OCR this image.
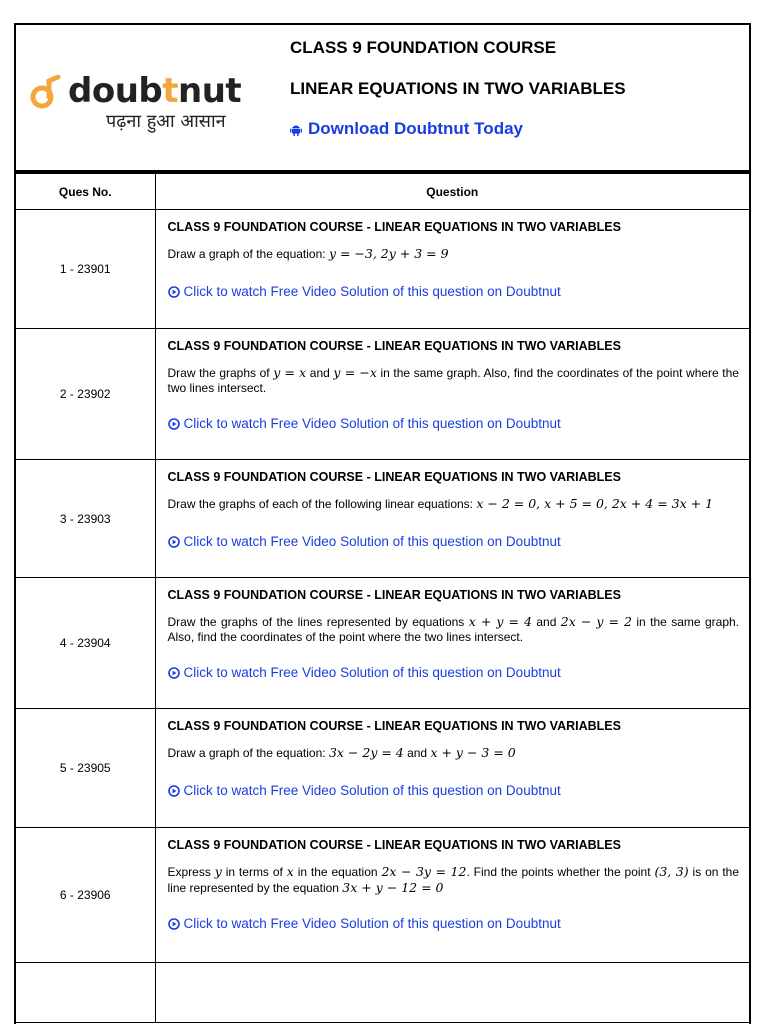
doubtnut
पढ़ना हुआ आसान
CLASS 9 FOUNDATION COURSE
LINEAR EQUATIONS IN TWO VARIABLES
Download Doubtnut Today
Ques No.	Question
1 - 23901	CLASS 9 FOUNDATION COURSE - LINEAR EQUATIONS IN TWO VARIABLES
Draw a graph of the equation: y = −3, 2y + 3 = 9
Click to watch Free Video Solution of this question on Doubtnut

2 - 23902	CLASS 9 FOUNDATION COURSE - LINEAR EQUATIONS IN TWO VARIABLES
Draw the graphs of y = x and y = −x in the same graph. Also, find the coordinates of the point where the two lines intersect.
Click to watch Free Video Solution of this question on Doubtnut

3 - 23903	CLASS 9 FOUNDATION COURSE - LINEAR EQUATIONS IN TWO VARIABLES
Draw the graphs of each of the following linear equations: x − 2 = 0, x + 5 = 0, 2x + 4 = 3x + 1
Click to watch Free Video Solution of this question on Doubtnut

4 - 23904	CLASS 9 FOUNDATION COURSE - LINEAR EQUATIONS IN TWO VARIABLES
Draw the graphs of the lines represented by equations x + y = 4 and 2x − y = 2 in the same graph. Also, find the coordinates of the point where the two lines intersect.
Click to watch Free Video Solution of this question on Doubtnut

5 - 23905	CLASS 9 FOUNDATION COURSE - LINEAR EQUATIONS IN TWO VARIABLES
Draw a graph of the equation: 3x − 2y = 4 and x + y − 3 = 0
Click to watch Free Video Solution of this question on Doubtnut

6 - 23906	CLASS 9 FOUNDATION COURSE - LINEAR EQUATIONS IN TWO VARIABLES
Express y in terms of x in the equation 2x − 3y = 12. Find the points whether the point (3, 3) is on the line represented by the equation 3x + y − 12 = 0
Click to watch Free Video Solution of this question on Doubtnut
